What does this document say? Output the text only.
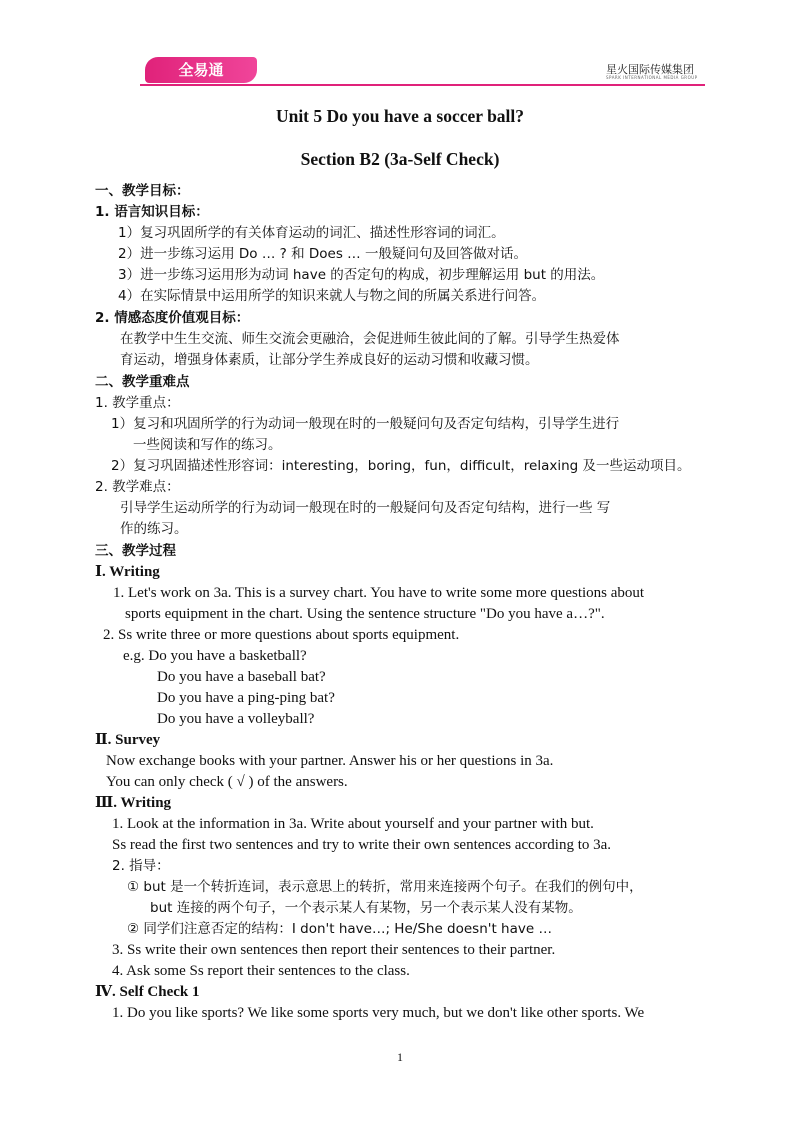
全易通	星火国际传媒集团
SPARK INTERNATIONAL MEDIA GROUP
Unit 5 Do you have a soccer ball?
Section B2 (3a-Self Check)
一、教学目标：
1. 语言知识目标：
1）复习巩固所学的有关体育运动的词汇、描述性形容词的词汇。
2）进一步练习运用 Do … ? 和 Does … 一般疑问句及回答做对话。
3）进一步练习运用形为动词 have 的否定句的构成，初步理解运用 but 的用法。
4）在实际情景中运用所学的知识来就人与物之间的所属关系进行问答。
2. 情感态度价值观目标：
在教学中生生交流、师生交流会更融洽，会促进师生彼此间的了解。引导学生热爱体
育运动，增强身体素质，让部分学生养成良好的运动习惯和收藏习惯。
二、教学重难点
1. 教学重点：
1）复习和巩固所学的行为动词一般现在时的一般疑问句及否定句结构，引导学生进行
一些阅读和写作的练习。
2）复习巩固描述性形容词：interesting，boring，fun，difficult，relaxing 及一些运动项目。
2. 教学难点：
引导学生运动所学的行为动词一般现在时的一般疑问句及否定句结构，进行一些 写
作的练习。
三、教学过程
Ⅰ. Writing
1. Let's work on 3a. This is a survey chart. You have to write some more questions about
sports equipment in the chart. Using the sentence structure "Do you have a…?".
2. Ss write three or more questions about sports equipment.
e.g. Do you have a basketball?
Do you have a baseball bat?
Do you have a ping-ping bat?
Do you have a volleyball?
Ⅱ. Survey
Now exchange books with your partner. Answer his or her questions in 3a.
You can only check ( √ ) of the answers.
Ⅲ. Writing
1. Look at the information in 3a. Write about yourself and your partner with but.
Ss read the first two sentences and try to write their own sentences according to 3a.
2. 指导：
① but 是一个转折连词，表示意思上的转折，常用来连接两个句子。在我们的例句中，
but 连接的两个句子，一个表示某人有某物，另一个表示某人没有某物。
② 同学们注意否定的结构：I don't have…; He/She doesn't have …
3. Ss write their own sentences then report their sentences to their partner.
4. Ask some Ss report their sentences to the class.
Ⅳ. Self Check 1
1. Do you like sports? We like some sports very much, but we don't like other sports. We
1
